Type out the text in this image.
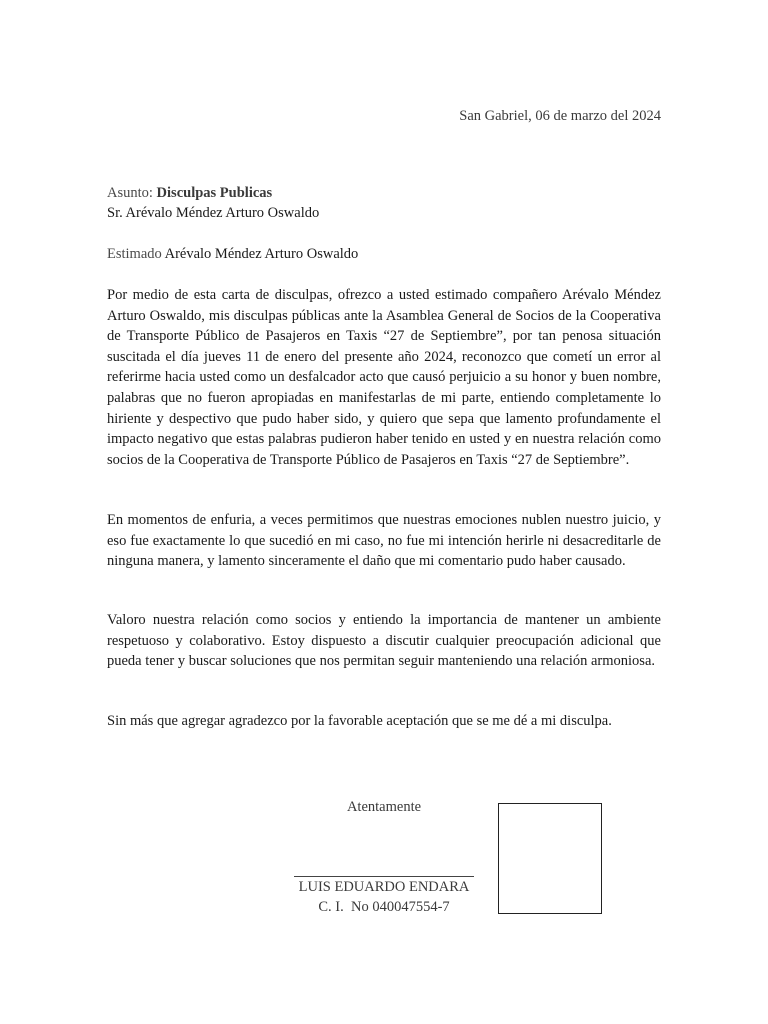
San Gabriel, 06 de marzo del 2024
Asunto: Disculpas Publicas
Sr. Arévalo Méndez Arturo Oswaldo
Estimado Arévalo Méndez Arturo Oswaldo

Por medio de esta carta de disculpas, ofrezco a usted estimado compañero Arévalo Méndez Arturo Oswaldo, mis disculpas públicas ante la Asamblea General de Socios de la Cooperativa de Transporte Público de Pasajeros en Taxis “27 de Septiembre”, por tan penosa situación suscitada el día jueves 11 de enero del presente año 2024, reconozco que cometí un error al referirme hacia usted como un desfalcador acto que causó perjuicio a su honor y buen nombre, palabras que no fueron apropiadas en manifestarlas de mi parte, entiendo completamente lo hiriente y despectivo que pudo haber sido, y quiero que sepa que lamento profundamente el impacto negativo que estas palabras pudieron haber tenido en usted y en nuestra relación como socios de la Cooperativa de Transporte Público de Pasajeros en Taxis “27 de Septiembre”.

En momentos de enfuria, a veces permitimos que nuestras emociones nublen nuestro juicio, y eso fue exactamente lo que sucedió en mi caso, no fue mi intención herirle ni desacreditarle de ninguna manera, y lamento sinceramente el daño que mi comentario pudo haber causado.

Valoro nuestra relación como socios y entiendo la importancia de mantener un ambiente respetuoso y colaborativo. Estoy dispuesto a discutir cualquier preocupación adicional que pueda tener y buscar soluciones que nos permitan seguir manteniendo una relación armoniosa.

Sin más que agregar agradezco por la favorable aceptación que se me dé a mi disculpa.

Atentamente
LUIS EDUARDO ENDARA
C. I.  No 040047554-7
